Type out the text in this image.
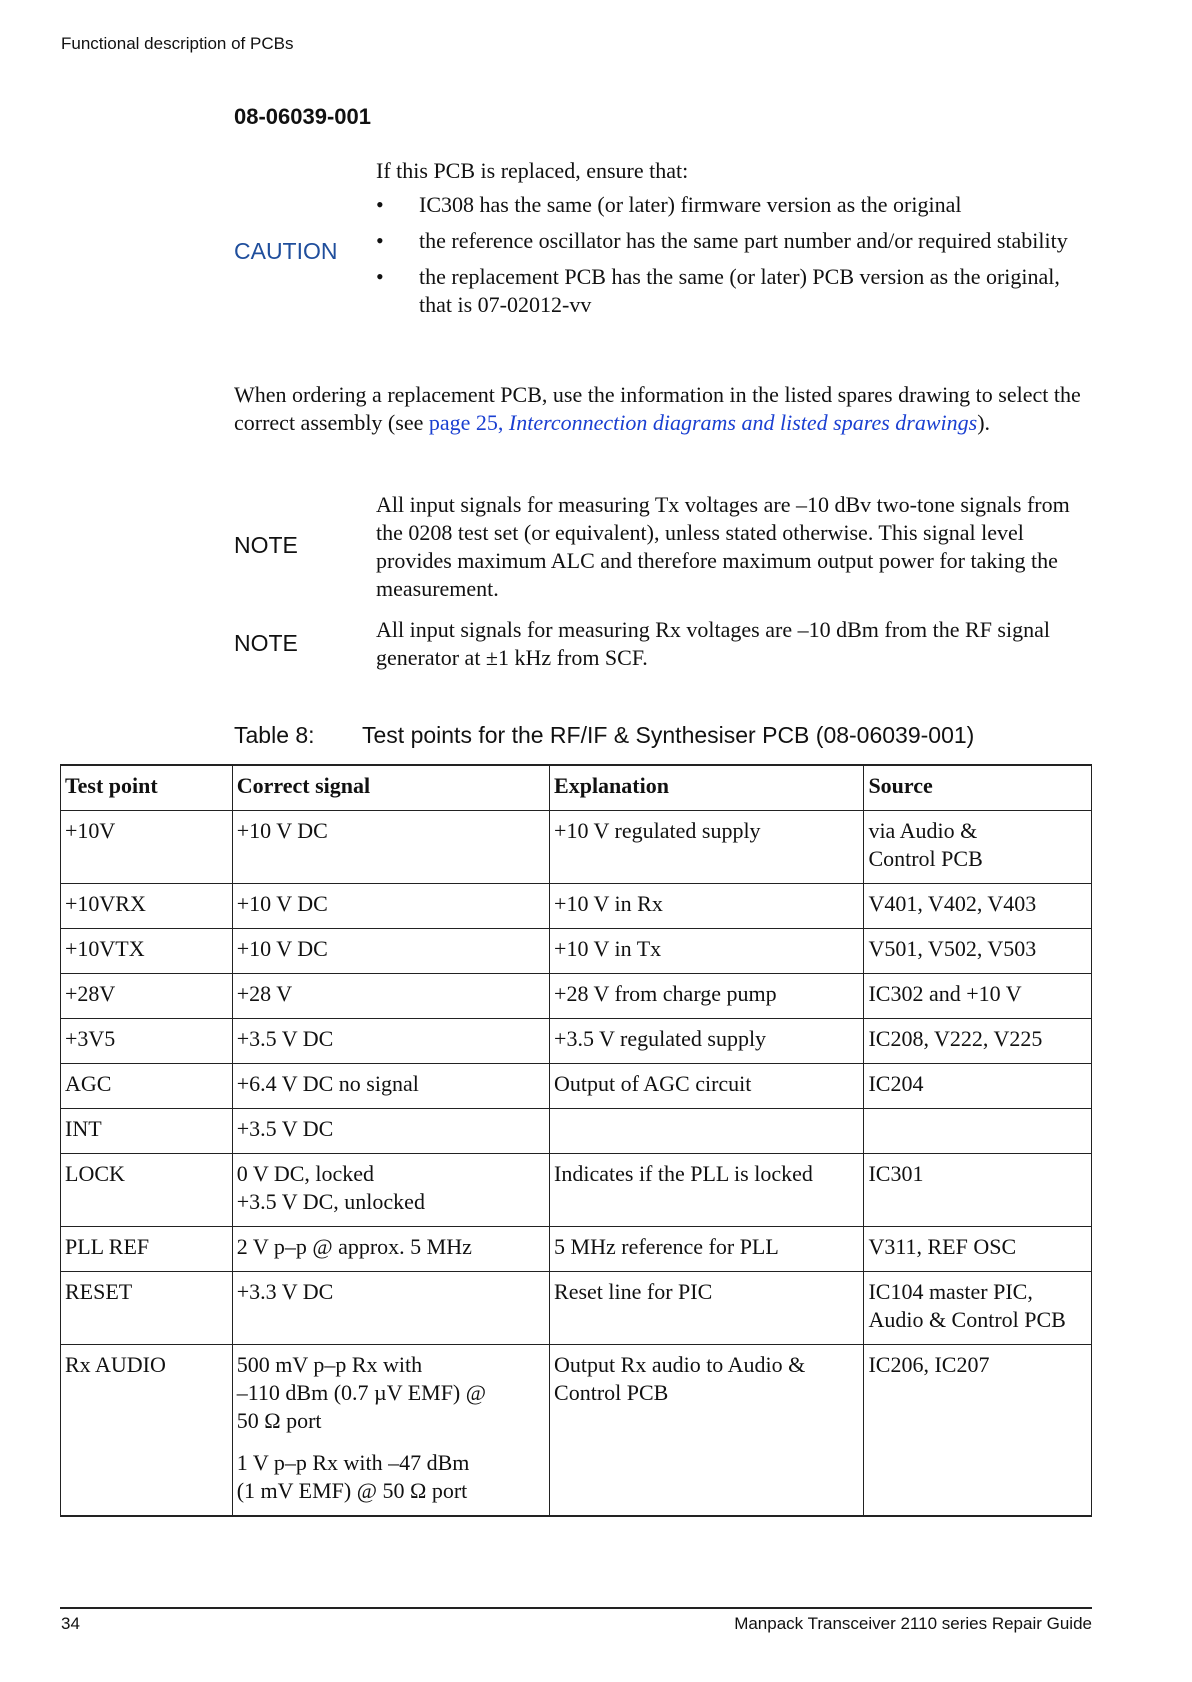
Functional description of PCBs
08-06039-001
CAUTION

If this PCB is replaced, ensure that:

• IC308 has the same (or later) firmware version as the original
• the reference oscillator has the same part number and/or required stability
• the replacement PCB has the same (or later) PCB version as the original, that is 07-02012-vv
When ordering a replacement PCB, use the information in the listed spares drawing to select the correct assembly (see page 25, Interconnection diagrams and listed spares drawings).
NOTE
All input signals for measuring Tx voltages are –10 dBv two-tone signals from the 0208 test set (or equivalent), unless stated otherwise. This signal level provides maximum ALC and therefore maximum output power for taking the measurement.
NOTE
All input signals for measuring Rx voltages are –10 dBm from the RF signal generator at ±1 kHz from SCF.
Table 8: Test points for the RF/IF & Synthesiser PCB (08-06039-001)
Test point	Correct signal	Explanation	Source
+10V	+10 V DC	+10 V regulated supply	via Audio &
Control PCB

+10VRX	+10 V DC	+10 V in Rx	V401, V402, V403

+10VTX	+10 V DC	+10 V in Tx	V501, V502, V503

+28V	+28 V	+28 V from charge pump	IC302 and +10 V

+3V5	+3.5 V DC	+3.5 V regulated supply	IC208, V222, V225

AGC	+6.4 V DC no signal	Output of AGC circuit	IC204

INT	+3.5 V DC		

LOCK	0 V DC, locked
+3.5 V DC, unlocked	Indicates if the PLL is locked	IC301

PLL REF	2 V p–p @ approx. 5 MHz	5 MHz reference for PLL	V311, REF OSC

RESET	+3.3 V DC	Reset line for PIC	IC104 master PIC,
Audio & Control PCB

Rx AUDIO	500 mV p–p Rx with
–110 dBm (0.7 µV EMF) @
50 Ω port
1 V p–p Rx with –47 dBm
(1 mV EMF) @ 50 Ω port	Output Rx audio to Audio &
Control PCB	IC206, IC207
34	Manpack Transceiver 2110 series Repair Guide
